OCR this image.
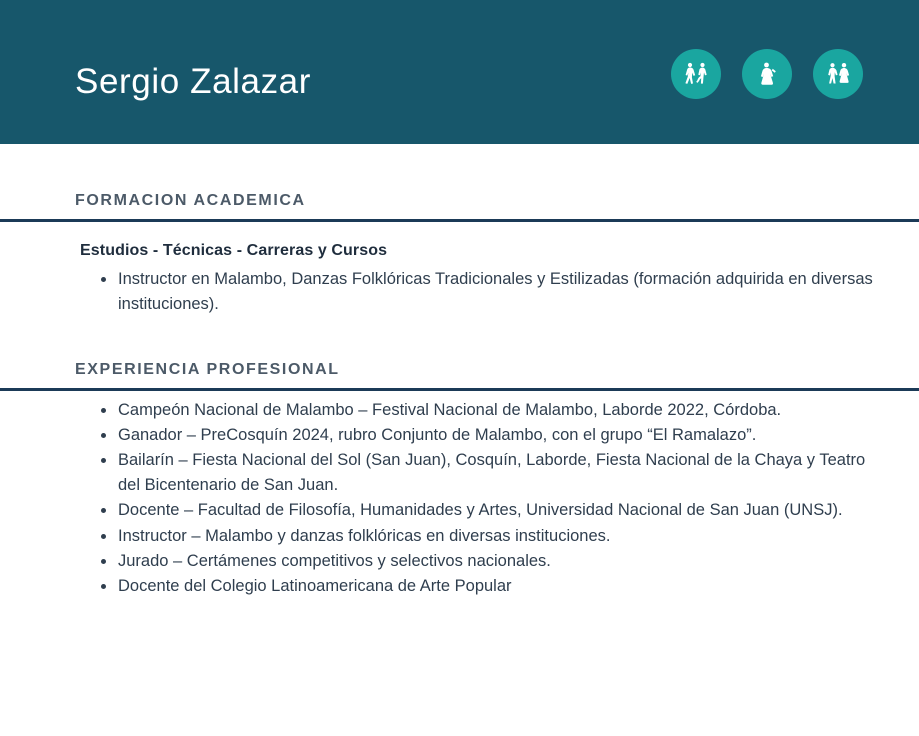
Sergio Zalazar
FORMACION ACADEMICA
Estudios - Técnicas - Carreras y Cursos
Instructor en Malambo, Danzas Folklóricas Tradicionales y Estilizadas (formación adquirida en diversas instituciones).
EXPERIENCIA PROFESIONAL
Campeón Nacional de Malambo – Festival Nacional de Malambo, Laborde 2022, Córdoba.
Ganador – PreCosquín 2024, rubro Conjunto de Malambo, con el grupo “El Ramalazo”.
Bailarín – Fiesta Nacional del Sol (San Juan), Cosquín, Laborde, Fiesta Nacional de la Chaya y Teatro del Bicentenario de San Juan.
Docente – Facultad de Filosofía, Humanidades y Artes, Universidad Nacional de San Juan (UNSJ).
Instructor – Malambo y danzas folklóricas en diversas instituciones.
Jurado – Certámenes competitivos y selectivos nacionales.
Docente del Colegio Latinoamericana de Arte Popular
